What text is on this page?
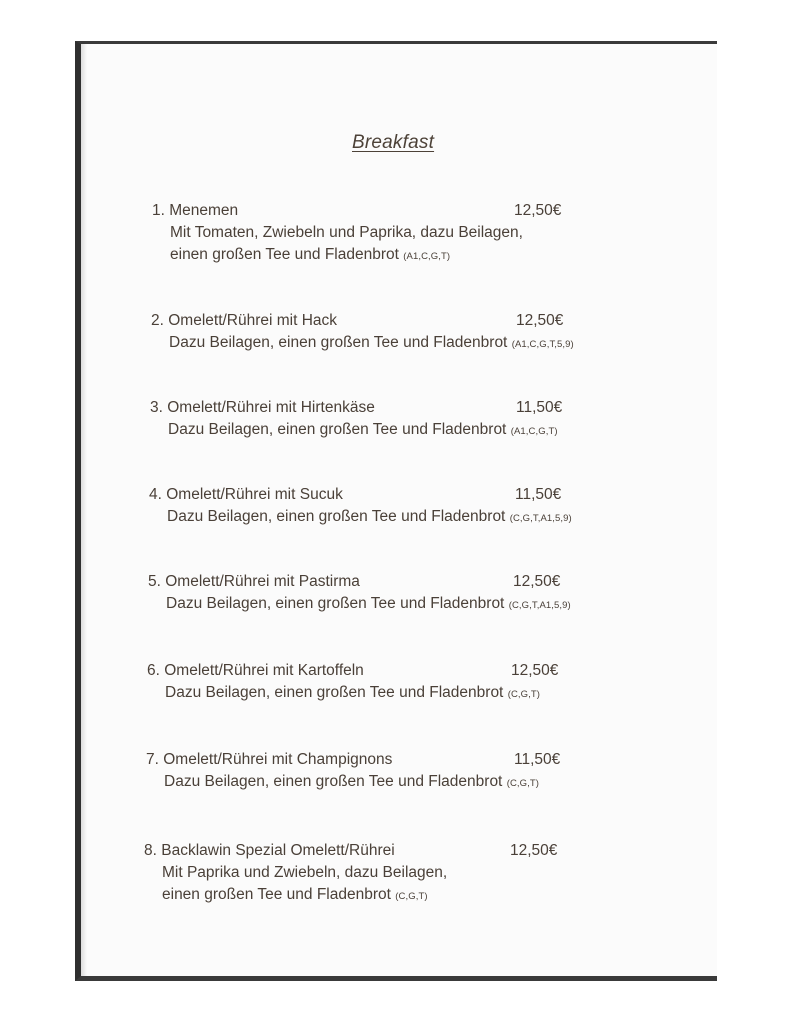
Breakfast
1. Menemen	12,50€
Mit Tomaten, Zwiebeln und Paprika, dazu Beilagen,
einen großen Tee und Fladenbrot (A1,C,G,T)
2. Omelett/Rührei mit Hack	12,50€
Dazu Beilagen, einen großen Tee und Fladenbrot (A1,C,G,T,5,9)
3. Omelett/Rührei mit Hirtenkäse	11,50€
Dazu Beilagen, einen großen Tee und Fladenbrot (A1,C,G,T)
4. Omelett/Rührei mit Sucuk	11,50€
Dazu Beilagen, einen großen Tee und Fladenbrot (C,G,T,A1,5,9)
5. Omelett/Rührei mit Pastirma	12,50€
Dazu Beilagen, einen großen Tee und Fladenbrot (C,G,T,A1,5,9)
6. Omelett/Rührei mit Kartoffeln	12,50€
Dazu Beilagen, einen großen Tee und Fladenbrot (C,G,T)
7. Omelett/Rührei mit Champignons	11,50€
Dazu Beilagen, einen großen Tee und Fladenbrot (C,G,T)
8. Backlawin Spezial Omelett/Rührei	12,50€
Mit Paprika und Zwiebeln, dazu Beilagen,
einen großen Tee und Fladenbrot (C,G,T)
